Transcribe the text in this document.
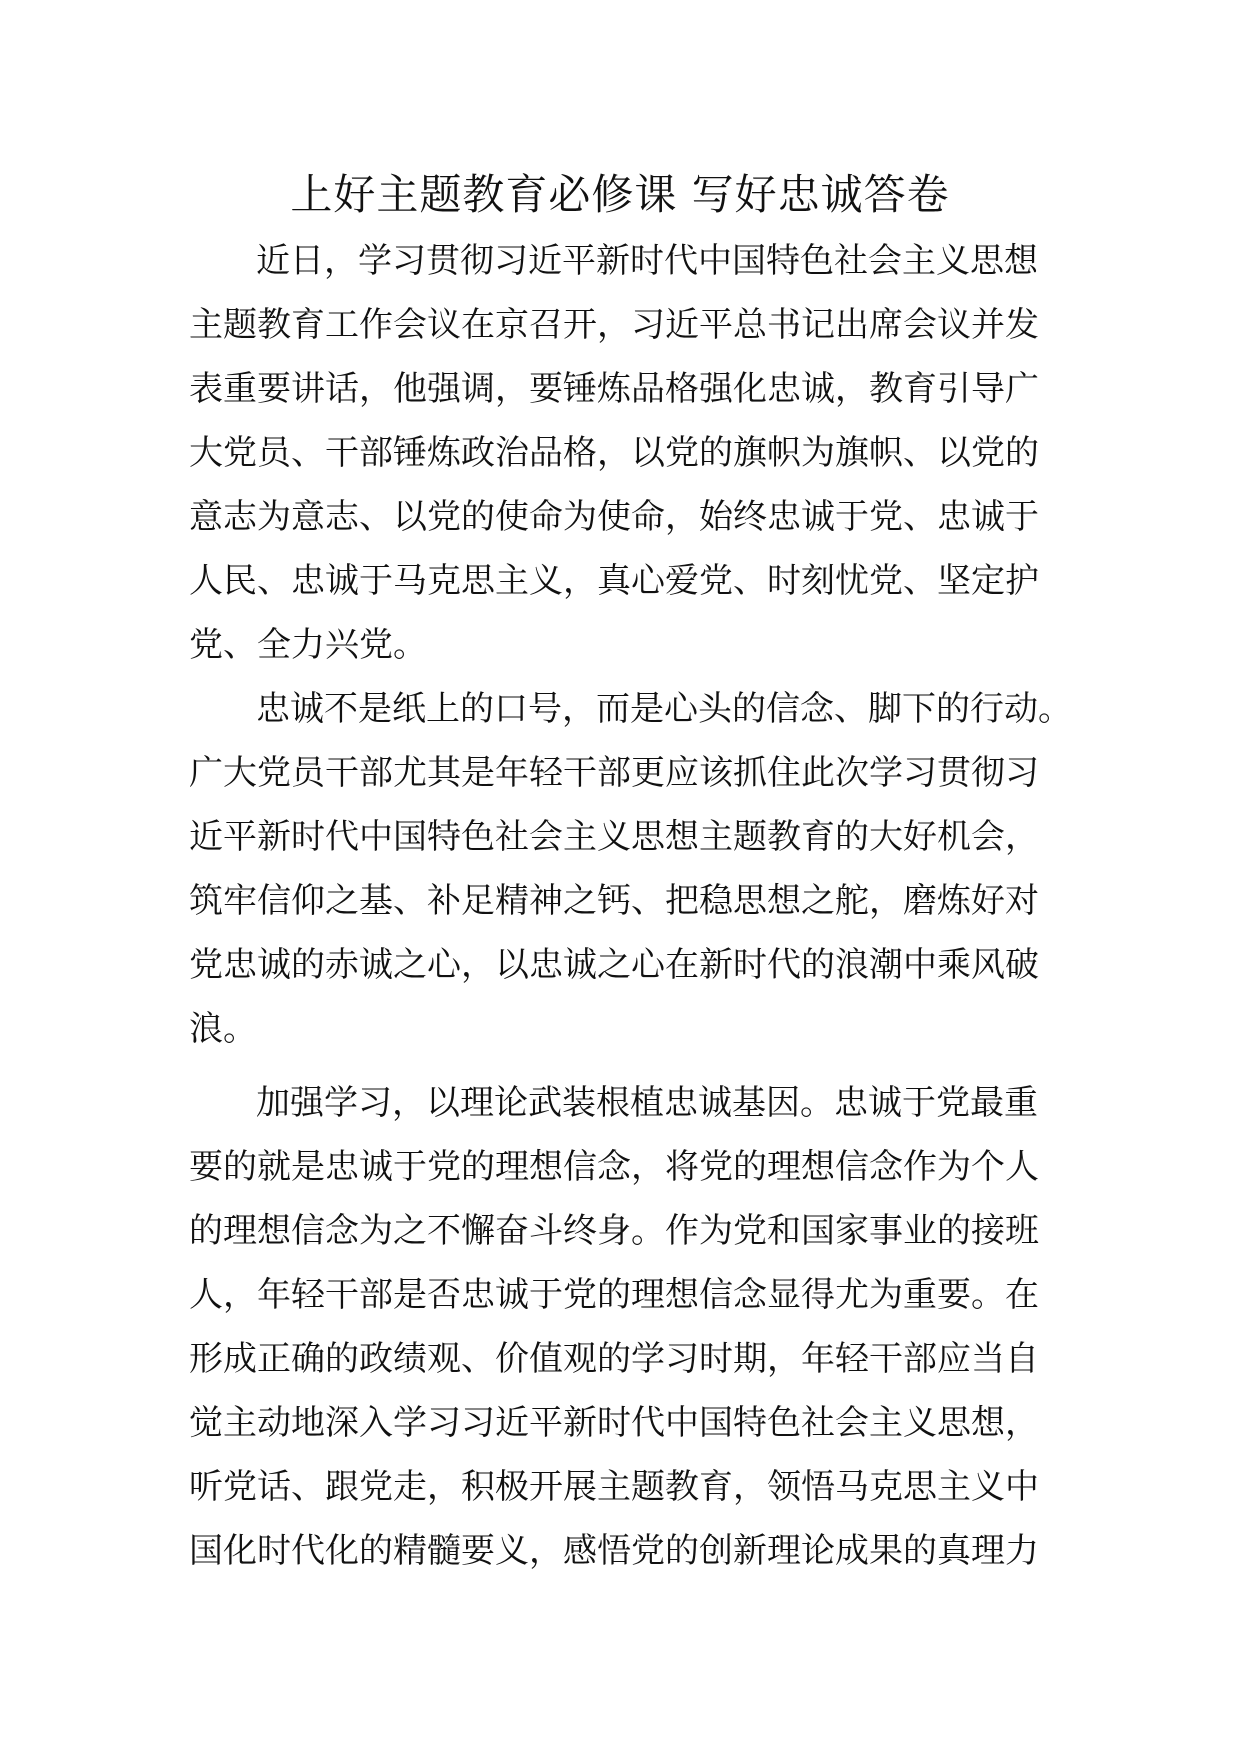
上好主题教育必修课 写好忠诚答卷

近日，学习贯彻习近平新时代中国特色社会主义思想

主题教育工作会议在京召开，习近平总书记出席会议并发

表重要讲话，他强调，要锤炼品格强化忠诚，教育引导广

大党员、干部锤炼政治品格，以党的旗帜为旗帜、以党的

意志为意志、以党的使命为使命，始终忠诚于党、忠诚于

人民、忠诚于马克思主义，真心爱党、时刻忧党、坚定护

党、全力兴党。

忠诚不是纸上的口号，而是心头的信念、脚下的行动。

广大党员干部尤其是年轻干部更应该抓住此次学习贯彻习

近平新时代中国特色社会主义思想主题教育的大好机会，

筑牢信仰之基、补足精神之钙、把稳思想之舵，磨炼好对

党忠诚的赤诚之心，以忠诚之心在新时代的浪潮中乘风破

浪。

加强学习，以理论武装根植忠诚基因。忠诚于党最重

要的就是忠诚于党的理想信念，将党的理想信念作为个人

的理想信念为之不懈奋斗终身。作为党和国家事业的接班

人，年轻干部是否忠诚于党的理想信念显得尤为重要。在

形成正确的政绩观、价值观的学习时期，年轻干部应当自

觉主动地深入学习习近平新时代中国特色社会主义思想，

听党话、跟党走，积极开展主题教育，领悟马克思主义中

国化时代化的精髓要义，感悟党的创新理论成果的真理力
